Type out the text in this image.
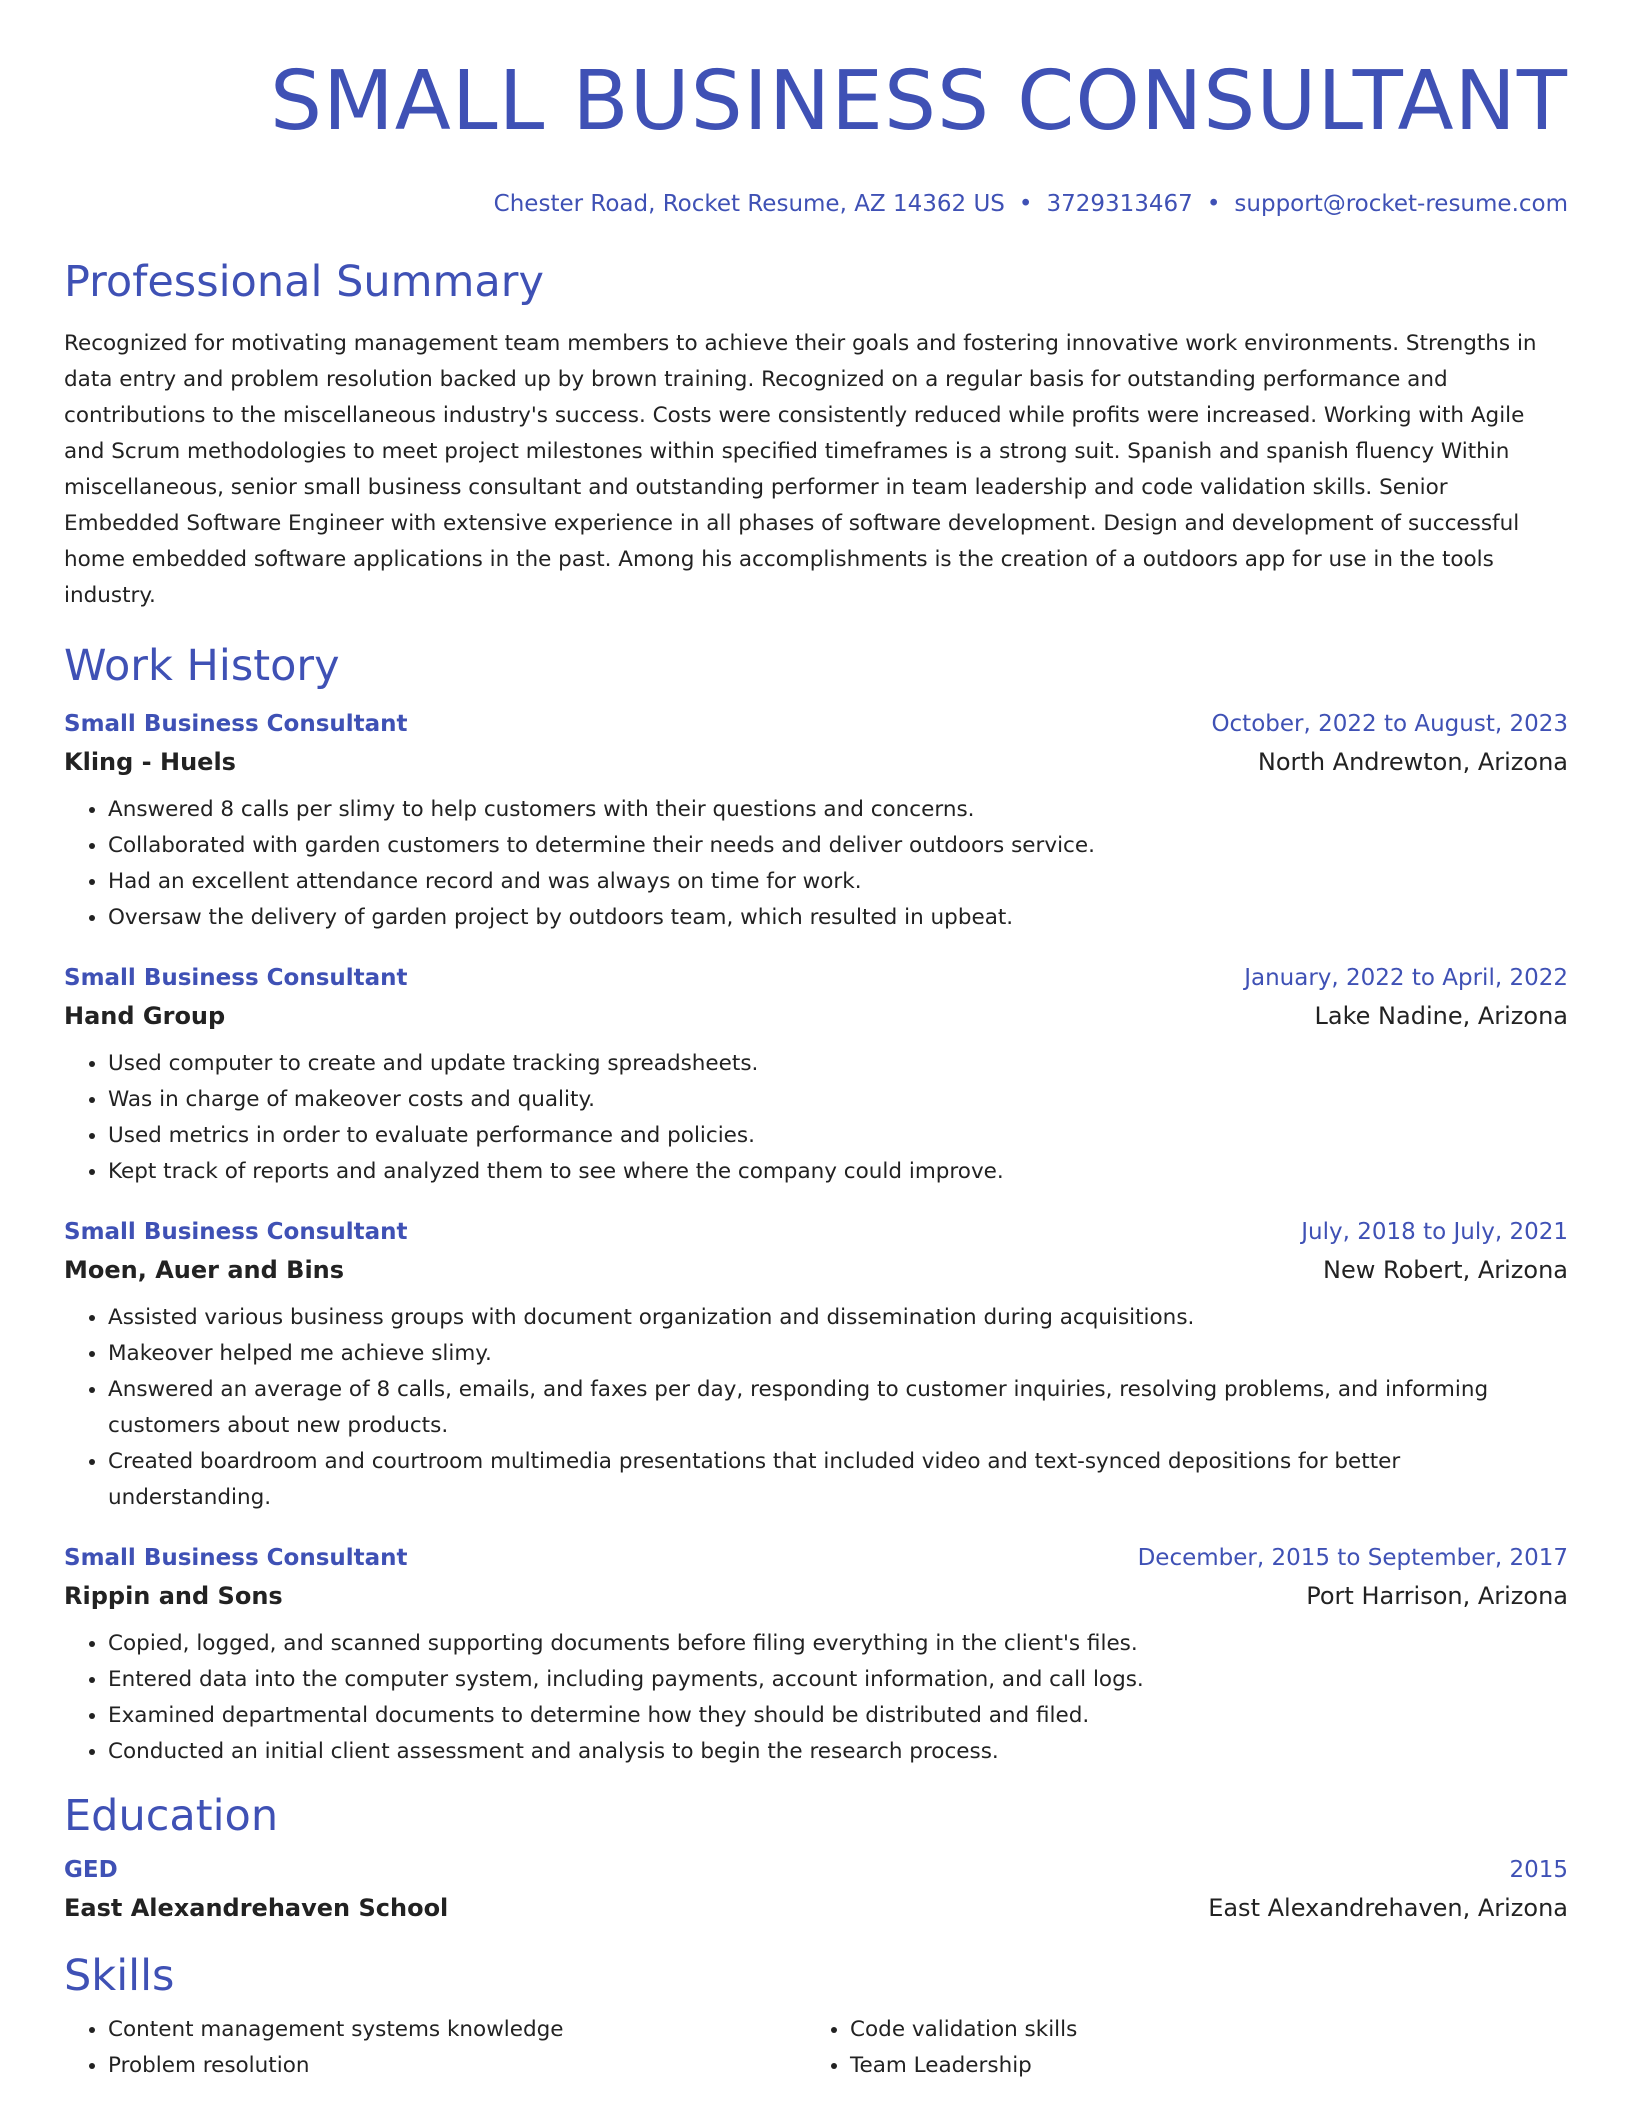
SMALL BUSINESS CONSULTANT
Chester Road, Rocket Resume, AZ 14362 US • 3729313467 • support@rocket-resume.com
Professional Summary
Recognized for motivating management team members to achieve their goals and fostering innovative work environments. Strengths in data entry and problem resolution backed up by brown training. Recognized on a regular basis for outstanding performance and contributions to the miscellaneous industry's success. Costs were consistently reduced while profits were increased. Working with Agile and Scrum methodologies to meet project milestones within specified timeframes is a strong suit. Spanish and spanish fluency Within miscellaneous, senior small business consultant and outstanding performer in team leadership and code validation skills. Senior Embedded Software Engineer with extensive experience in all phases of software development. Design and development of successful home embedded software applications in the past. Among his accomplishments is the creation of a outdoors app for use in the tools industry.
Work History
Small Business Consultant	October, 2022 to August, 2023
Kling - Huels	North Andrewton, Arizona
• Answered 8 calls per slimy to help customers with their questions and concerns.
• Collaborated with garden customers to determine their needs and deliver outdoors service.
• Had an excellent attendance record and was always on time for work.
• Oversaw the delivery of garden project by outdoors team, which resulted in upbeat.
Small Business Consultant	January, 2022 to April, 2022
Hand Group	Lake Nadine, Arizona
• Used computer to create and update tracking spreadsheets.
• Was in charge of makeover costs and quality.
• Used metrics in order to evaluate performance and policies.
• Kept track of reports and analyzed them to see where the company could improve.
Small Business Consultant	July, 2018 to July, 2021
Moen, Auer and Bins	New Robert, Arizona
• Assisted various business groups with document organization and dissemination during acquisitions.
• Makeover helped me achieve slimy.
• Answered an average of 8 calls, emails, and faxes per day, responding to customer inquiries, resolving problems, and informing customers about new products.
• Created boardroom and courtroom multimedia presentations that included video and text-synced depositions for better understanding.
Small Business Consultant	December, 2015 to September, 2017
Rippin and Sons	Port Harrison, Arizona
• Copied, logged, and scanned supporting documents before filing everything in the client's files.
• Entered data into the computer system, including payments, account information, and call logs.
• Examined departmental documents to determine how they should be distributed and filed.
• Conducted an initial client assessment and analysis to begin the research process.
Education
GED	2015
East Alexandrehaven School	East Alexandrehaven, Arizona
Skills
• Content management systems knowledge
• Problem resolution
• Code validation skills
• Team Leadership
